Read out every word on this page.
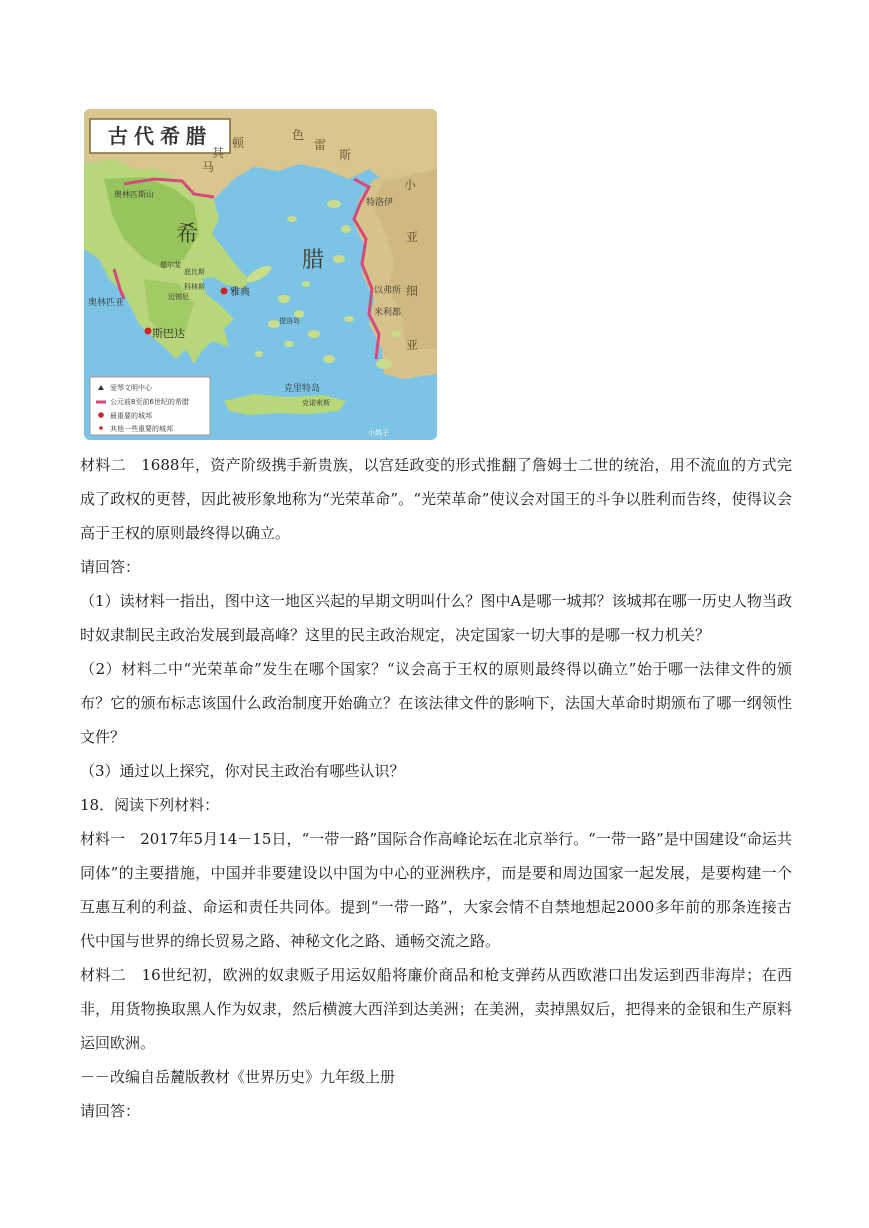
古代希腊	色
雷
斯
马
其
顿
奥林匹斯山
希
腊
特洛伊
小
亚
细
亚
德尔斐
底比斯
科林斯
奥林匹亚
迈锡尼	雅典
斯巴达
提洛岛
以弗所
米利都
克里特岛
克诺索斯
小鸽子
爱琴文明中心
公元前8至前6世纪的希腊
最重要的城邦
其他一些重要的城邦

材料二　1688年，资产阶级携手新贵族，以宫廷政变的形式推翻了詹姆士二世的统治，用不流血的方式完成了政权的更替，因此被形象地称为“光荣革命”。“光荣革命”使议会对国王的斗争以胜利而告终，使得议会高于王权的原则最终得以确立。

请回答：

（1）读材料一指出，图中这一地区兴起的早期文明叫什么？图中A是哪一城邦？该城邦在哪一历史人物当政时奴隶制民主政治发展到最高峰？这里的民主政治规定，决定国家一切大事的是哪一权力机关？

（2）材料二中“光荣革命”发生在哪个国家？“议会高于王权的原则最终得以确立”始于哪一法律文件的颁布？它的颁布标志该国什么政治制度开始确立？在该法律文件的影响下，法国大革命时期颁布了哪一纲领性文件？

（3）通过以上探究，你对民主政治有哪些认识？

18．阅读下列材料：

材料一　2017年5月14－15日，“一带一路”国际合作高峰论坛在北京举行。“一带一路”是中国建设“命运共同体”的主要措施，中国并非要建设以中国为中心的亚洲秩序，而是要和周边国家一起发展，是要构建一个互惠互利的利益、命运和责任共同体。提到“一带一路”，大家会情不自禁地想起2000多年前的那条连接古代中国与世界的绵长贸易之路、神秘文化之路、通畅交流之路。

材料二　16世纪初，欧洲的奴隶贩子用运奴船将廉价商品和枪支弹药从西欧港口出发运到西非海岸；在西非，用货物换取黑人作为奴隶，然后横渡大西洋到达美洲；在美洲，卖掉黑奴后，把得来的金银和生产原料运回欧洲。

－－改编自岳麓版教材《世界历史》九年级上册

请回答：
